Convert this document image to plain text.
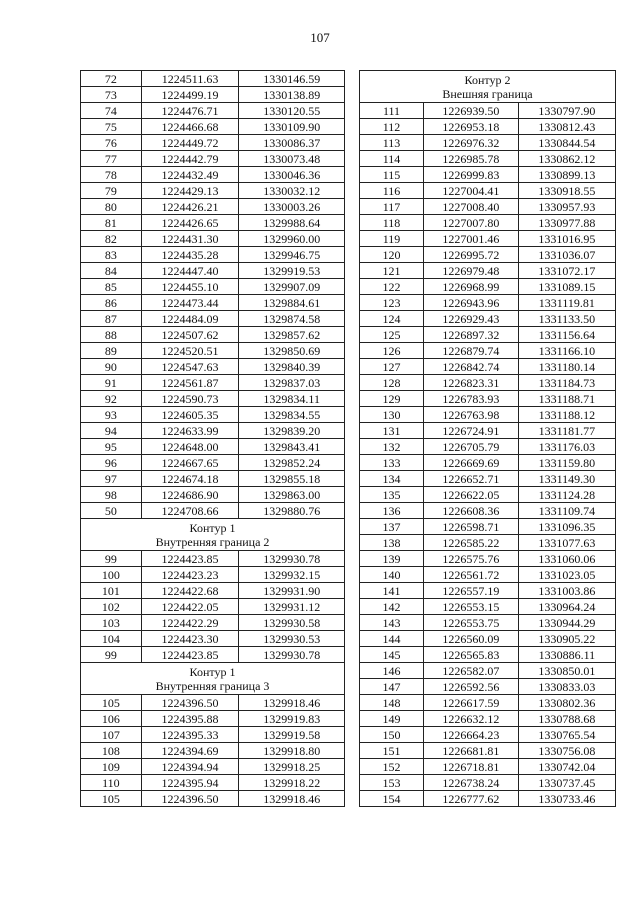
107
72	1224511.63	1330146.59
73	1224499.19	1330138.89
74	1224476.71	1330120.55
75	1224466.68	1330109.90
76	1224449.72	1330086.37
77	1224442.79	1330073.48
78	1224432.49	1330046.36
79	1224429.13	1330032.12
80	1224426.21	1330003.26
81	1224426.65	1329988.64
82	1224431.30	1329960.00
83	1224435.28	1329946.75
84	1224447.40	1329919.53
85	1224455.10	1329907.09
86	1224473.44	1329884.61
87	1224484.09	1329874.58
88	1224507.62	1329857.62
89	1224520.51	1329850.69
90	1224547.63	1329840.39
91	1224561.87	1329837.03
92	1224590.73	1329834.11
93	1224605.35	1329834.55
94	1224633.99	1329839.20
95	1224648.00	1329843.41
96	1224667.65	1329852.24
97	1224674.18	1329855.18
98	1224686.90	1329863.00
50	1224708.66	1329880.76

Контур 1
Внутренняя граница 2		

99	1224423.85	1329930.78
100	1224423.23	1329932.15
101	1224422.68	1329931.90
102	1224422.05	1329931.12
103	1224422.29	1329930.58
104	1224423.30	1329930.53
99	1224423.85	1329930.78

Контур 1
Внутренняя граница 3		

105	1224396.50	1329918.46
106	1224395.88	1329919.83
107	1224395.33	1329919.58
108	1224394.69	1329918.80
109	1224394.94	1329918.25
110	1224395.94	1329918.22
105	1224396.50	1329918.46
Контур 2
Внешняя граница		

111	1226939.50	1330797.90
112	1226953.18	1330812.43
113	1226976.32	1330844.54
114	1226985.78	1330862.12
115	1226999.83	1330899.13
116	1227004.41	1330918.55
117	1227008.40	1330957.93
118	1227007.80	1330977.88
119	1227001.46	1331016.95
120	1226995.72	1331036.07
121	1226979.48	1331072.17
122	1226968.99	1331089.15
123	1226943.96	1331119.81
124	1226929.43	1331133.50
125	1226897.32	1331156.64
126	1226879.74	1331166.10
127	1226842.74	1331180.14
128	1226823.31	1331184.73
129	1226783.93	1331188.71
130	1226763.98	1331188.12
131	1226724.91	1331181.77
132	1226705.79	1331176.03
133	1226669.69	1331159.80
134	1226652.71	1331149.30
135	1226622.05	1331124.28
136	1226608.36	1331109.74
137	1226598.71	1331096.35
138	1226585.22	1331077.63
139	1226575.76	1331060.06
140	1226561.72	1331023.05
141	1226557.19	1331003.86
142	1226553.15	1330964.24
143	1226553.75	1330944.29
144	1226560.09	1330905.22
145	1226565.83	1330886.11
146	1226582.07	1330850.01
147	1226592.56	1330833.03
148	1226617.59	1330802.36
149	1226632.12	1330788.68
150	1226664.23	1330765.54
151	1226681.81	1330756.08
152	1226718.81	1330742.04
153	1226738.24	1330737.45
154	1226777.62	1330733.46
